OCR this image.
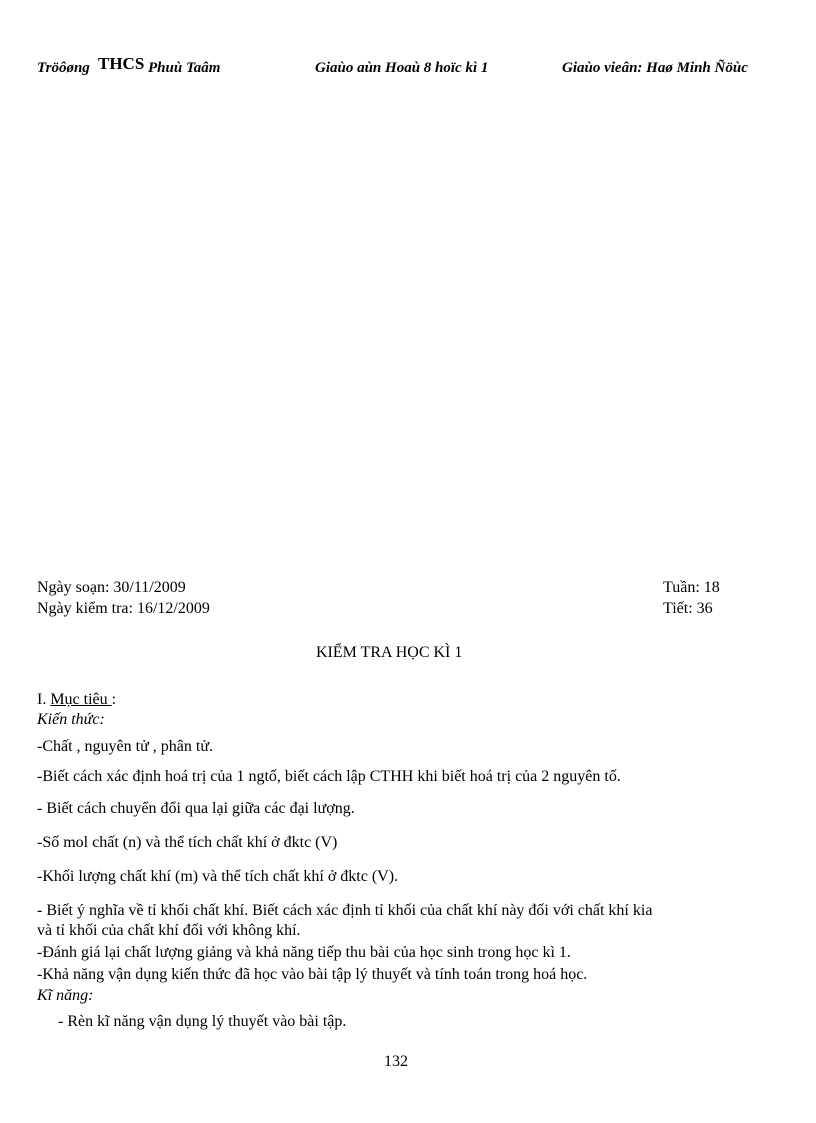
Tröôøng THCS Phuù Taâm	Giaùo aùn Hoaù 8 hoïc kì 1	Giaùo vieân: Haø Minh Ñöùc
Ngày soạn: 30/11/2009
Ngày kiểm tra: 16/12/2009
Tuần: 18
Tiết: 36
KIỂM TRA HỌC KÌ 1
I. Mục tiêu :
Kiến thức:
-Chất , nguyên tử , phân tử.
-Biết cách xác định hoá trị của 1 ngtố, biết cách lập CTHH khi biết hoá trị của 2 nguyên tố.
- Biết cách chuyển đổi qua lại giữa các đại lượng.
-Số mol chất (n) và thể tích chất khí ở đktc (V)
-Khối lượng chất khí (m) và thể tích chất khí ở đktc (V).
- Biết ý nghĩa về tỉ khối chất khí. Biết cách xác định tỉ khối của chất khí này đối với chất khí kia
và tỉ khối của chất khí đối với không khí.
-Đánh giá lại chất lượng giảng và khả năng tiếp thu bài của học sinh trong học kì 1.
-Khả năng vận dụng kiến thức đã học vào bài tập lý thuyết và tính toán trong hoá học.
Kĩ năng:
- Rèn kĩ năng vận dụng lý thuyết vào bài tập.
132
